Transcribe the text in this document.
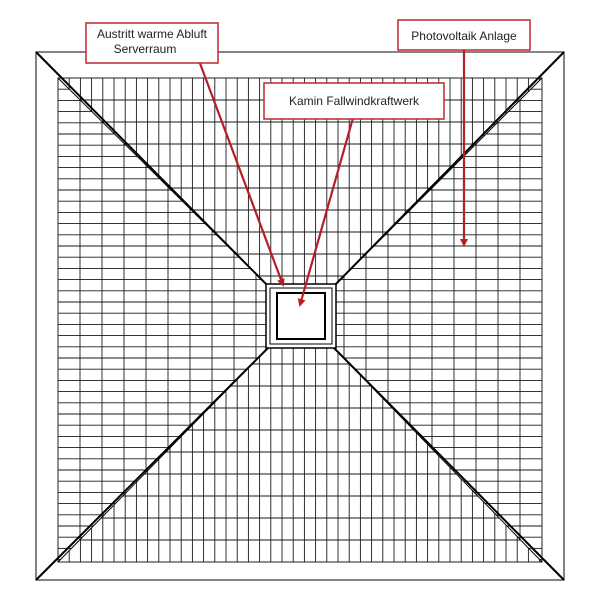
Austritt warme Abluft
Serverraum
Kamin Fallwindkraftwerk
Photovoltaik Anlage
